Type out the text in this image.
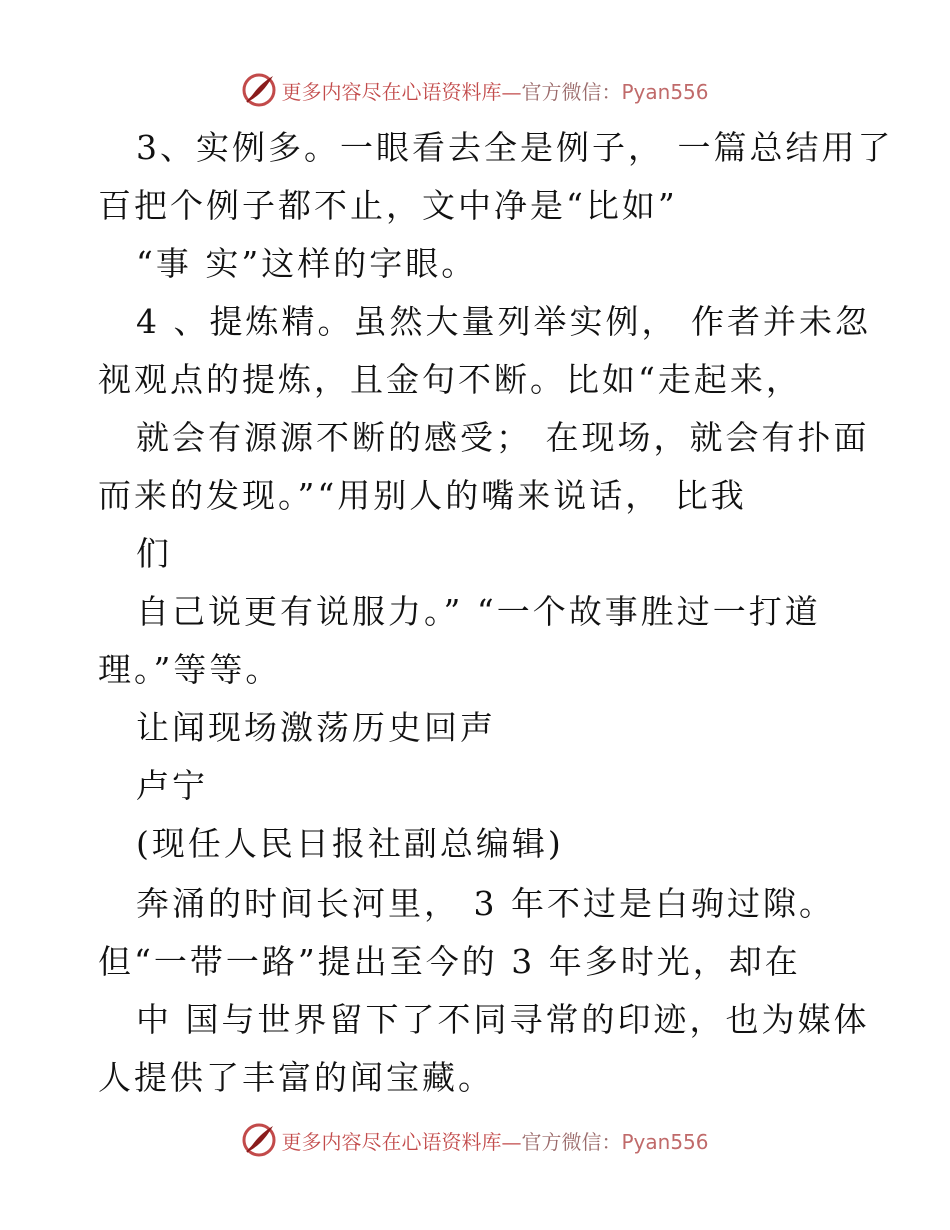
更多内容尽在心语资料库—官方微信：Pyan556
3、实例多。一眼看去全是例子， 一篇总结用了
百把个例子都不止，文中净是“比如”
“事 实”这样的字眼。
4 、提炼精。虽然大量列举实例， 作者并未忽
视观点的提炼，且金句不断。比如“走起来，
就会有源源不断的感受； 在现场，就会有扑面
而来的发现。”“用别人的嘴来说话， 比我
们
自己说更有说服力。” “一个故事胜过一打道
理。”等等。
让闻现场激荡历史回声
卢宁
(现任人民日报社副总编辑)
奔涌的时间长河里， 3 年不过是白驹过隙。
但“一带一路”提出至今的 3 年多时光，却在
中 国与世界留下了不同寻常的印迹，也为媒体
人提供了丰富的闻宝藏。
更多内容尽在心语资料库—官方微信：Pyan556
